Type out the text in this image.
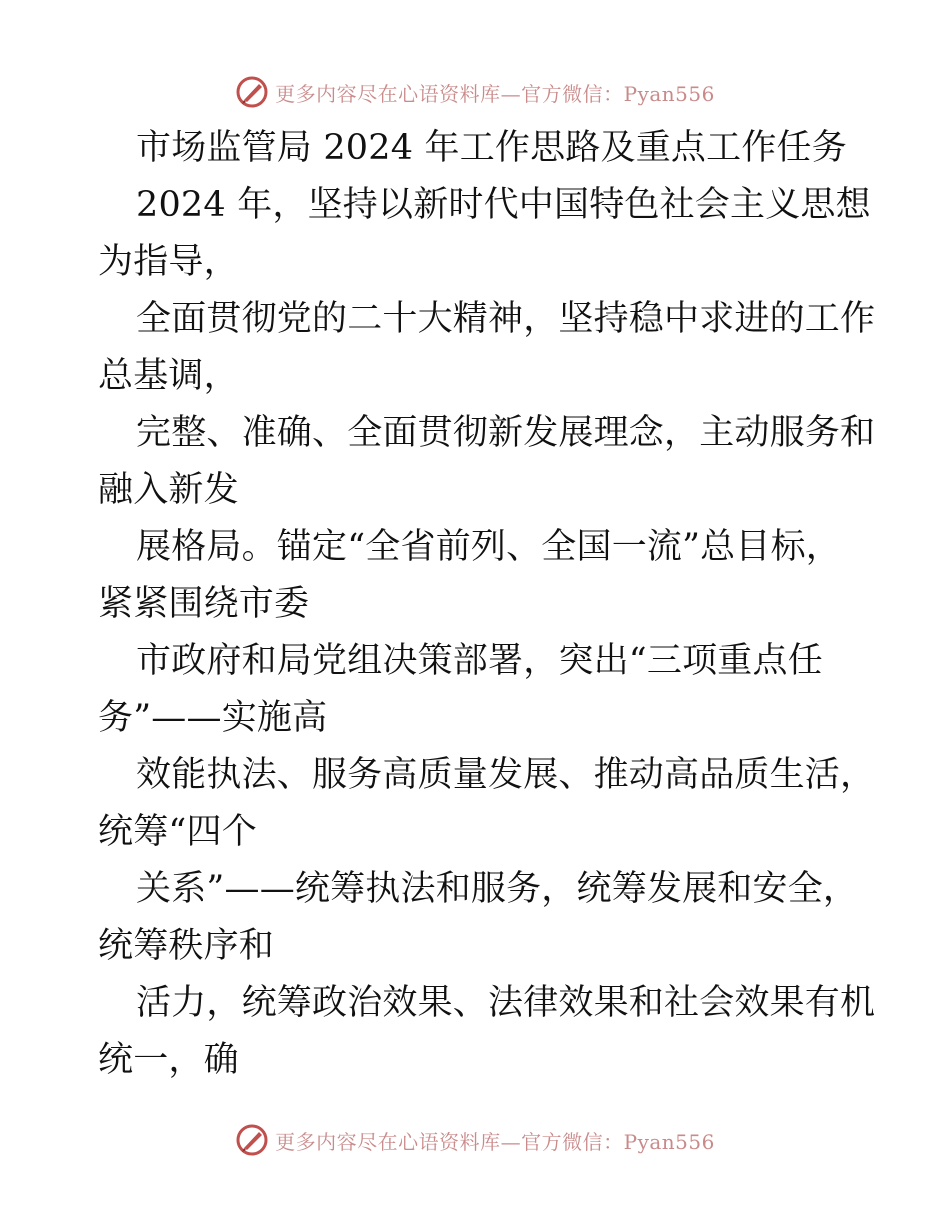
更多内容尽在心语资料库—官方微信：Pyan556
市场监管局 2024 年工作思路及重点工作任务
2024 年，坚持以新时代中国特色社会主义思想
为指导，
全面贯彻党的二十大精神，坚持稳中求进的工作
总基调，
完整、准确、全面贯彻新发展理念，主动服务和
融入新发
展格局。锚定“全省前列、全国一流”总目标，
紧紧围绕市委
市政府和局党组决策部署，突出“三项重点任
务”——实施高
效能执法、服务高质量发展、推动高品质生活，
统筹“四个
关系”——统筹执法和服务，统筹发展和安全，
统筹秩序和
活力，统筹政治效果、法律效果和社会效果有机
统一，确
更多内容尽在心语资料库—官方微信：Pyan556
